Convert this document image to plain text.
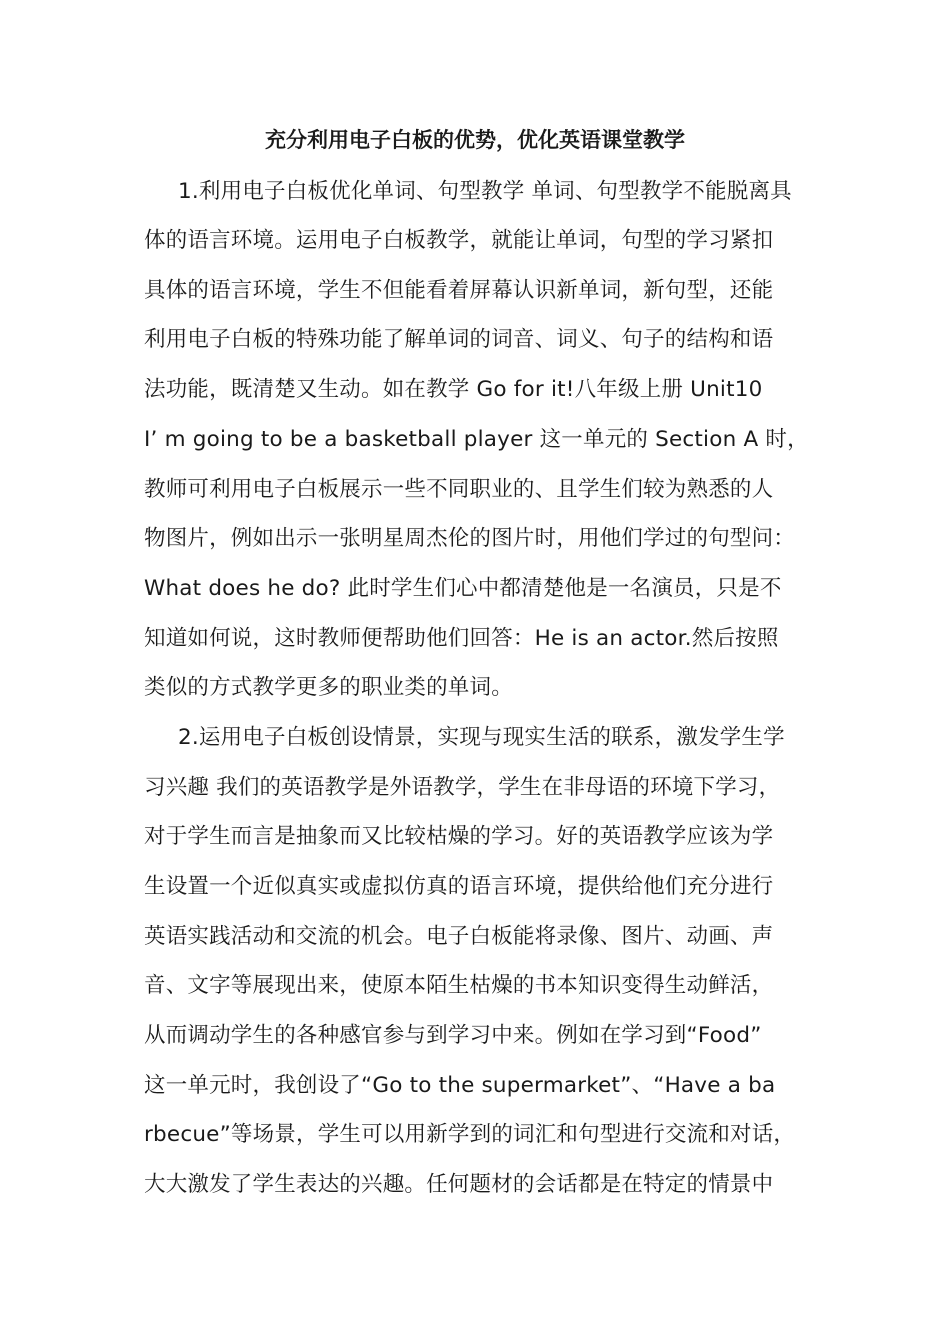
充分利用电子白板的优势，优化英语课堂教学
1.利用电子白板优化单词、句型教学 单词、句型教学不能脱离具
体的语言环境。运用电子白板教学，就能让单词，句型的学习紧扣
具体的语言环境，学生不但能看着屏幕认识新单词，新句型，还能
利用电子白板的特殊功能了解单词的词音、词义、句子的结构和语
法功能，既清楚又生动。如在教学 Go for it!八年级上册 Unit10
I’ m going to be a basketball player 这一单元的 Section A 时，
教师可利用电子白板展示一些不同职业的、且学生们较为熟悉的人
物图片，例如出示一张明星周杰伦的图片时，用他们学过的句型问：
What does he do? 此时学生们心中都清楚他是一名演员，只是不
知道如何说，这时教师便帮助他们回答：He is an actor.然后按照
类似的方式教学更多的职业类的单词。
2.运用电子白板创设情景，实现与现实生活的联系，激发学生学
习兴趣 我们的英语教学是外语教学，学生在非母语的环境下学习，
对于学生而言是抽象而又比较枯燥的学习。好的英语教学应该为学
生设置一个近似真实或虚拟仿真的语言环境，提供给他们充分进行
英语实践活动和交流的机会。电子白板能将录像、图片、动画、声
音、文字等展现出来，使原本陌生枯燥的书本知识变得生动鲜活，
从而调动学生的各种感官参与到学习中来。例如在学习到“Food”
这一单元时，我创设了“Go to the supermarket”、“Have a ba
rbecue”等场景，学生可以用新学到的词汇和句型进行交流和对话，
大大激发了学生表达的兴趣。任何题材的会话都是在特定的情景中
